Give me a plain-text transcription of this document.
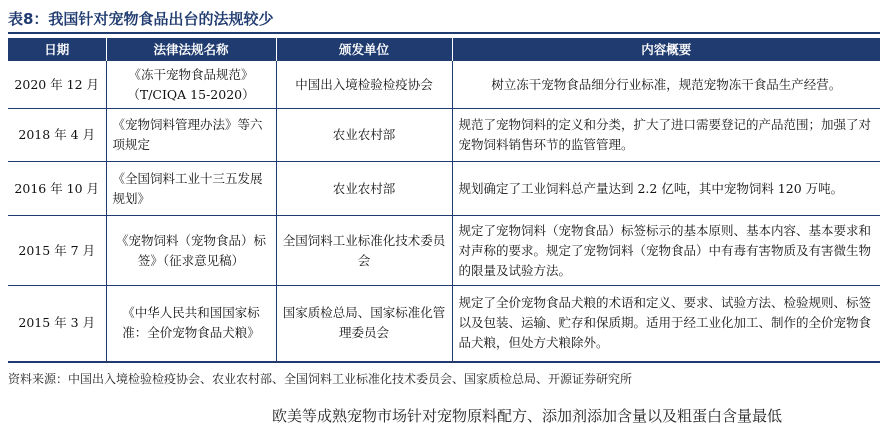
表8：我国针对宠物食品出台的法规较少
日期	法律法规名称	颁发单位	内容概要
2020 年 12 月	《冻干宠物食品规范》（T/CIQA 15-2020）	中国出入境检验检疫协会	树立冻干宠物食品细分行业标准，规范宠物冻干食品生产经营。
2018 年 4 月	《宠物饲料管理办法》等六项规定	农业农村部	规范了宠物饲料的定义和分类，扩大了进口需要登记的产品范围；加强了对宠物饲料销售环节的监管管理。
2016 年 10 月	《全国饲料工业十三五发展规划》	农业农村部	规划确定了工业饲料总产量达到 2.2 亿吨，其中宠物饲料 120 万吨。
2015 年 7 月	《宠物饲料（宠物食品）标签》（征求意见稿）	全国饲料工业标准化技术委员会	规定了宠物饲料（宠物食品）标签标示的基本原则、基本内容、基本要求和对声称的要求。规定了宠物饲料（宠物食品）中有毒有害物质及有害微生物的限量及试验方法。
2015 年 3 月	《中华人民共和国国家标准：全价宠物食品犬粮》	国家质检总局、国家标准化管理委员会	规定了全价宠物食品犬粮的术语和定义、要求、试验方法、检验规则、标签以及包装、运输、贮存和保质期。适用于经工业化加工、制作的全价宠物食品犬粮，但处方犬粮除外。
资料来源：中国出入境检验检疫协会、农业农村部、全国饲料工业标准化技术委员会、国家质检总局、开源证券研究所
欧美等成熟宠物市场针对宠物原料配方、添加剂添加含量以及粗蛋白含量最低
